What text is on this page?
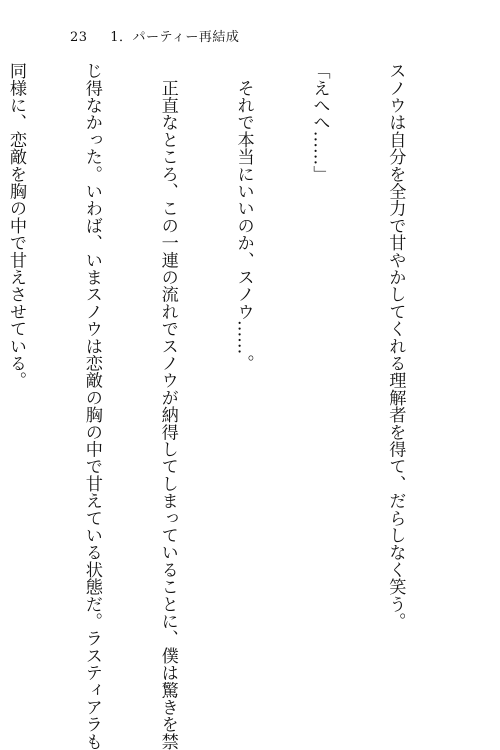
23 1．パーティー再結成

スノウは自分を全力で甘やかしてくれる理解者を得て、だらしなく笑う。

「えへへ……」

　それで本当にいいのか、スノウ……。

　正直なところ、この一連の流れでスノウが納得してしまっていることに、僕は驚きを禁

じ得なかった。いわば、いまスノウは恋敵の胸の中で甘えている状態だ。ラスティアラも

同様に、恋敵を胸の中で甘えさせている。
